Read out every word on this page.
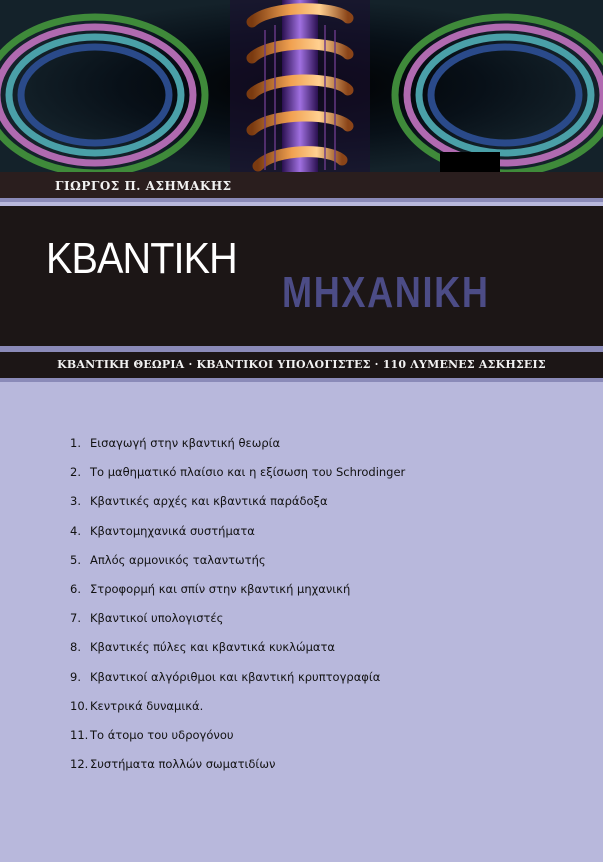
ΓΙΩΡΓΟΣ Π. ΑΣΗΜΑΚΗΣ
ΚΒΑΝΤΙΚΗ
ΜΗΧΑΝΙΚΗ
ΚΒΑΝΤΙΚΗ ΘΕΩΡΙΑ · ΚΒΑΝΤΙΚΟΙ ΥΠΟΛΟΓΙΣΤΕΣ · 110 ΛΥΜΕΝΕΣ ΑΣΚΗΣΕΙΣ
1. Εισαγωγή στην κβαντική θεωρία
2. Το μαθηματικό πλαίσιο και η εξίσωση του Schrodinger
3. Κβαντικές αρχές και κβαντικά παράδοξα
4. Κβαντομηχανικά συστήματα
5. Απλός αρμονικός ταλαντωτής
6. Στροφορμή και σπίν στην κβαντική μηχανική
7. Κβαντικοί υπολογιστές
8. Κβαντικές πύλες και κβαντικά κυκλώματα
9. Κβαντικοί αλγόριθμοι και κβαντική κρυπτογραφία
10. Κεντρικά δυναμικά.
11. Το άτομο του υδρογόνου
12. Συστήματα πολλών σωματιδίων
